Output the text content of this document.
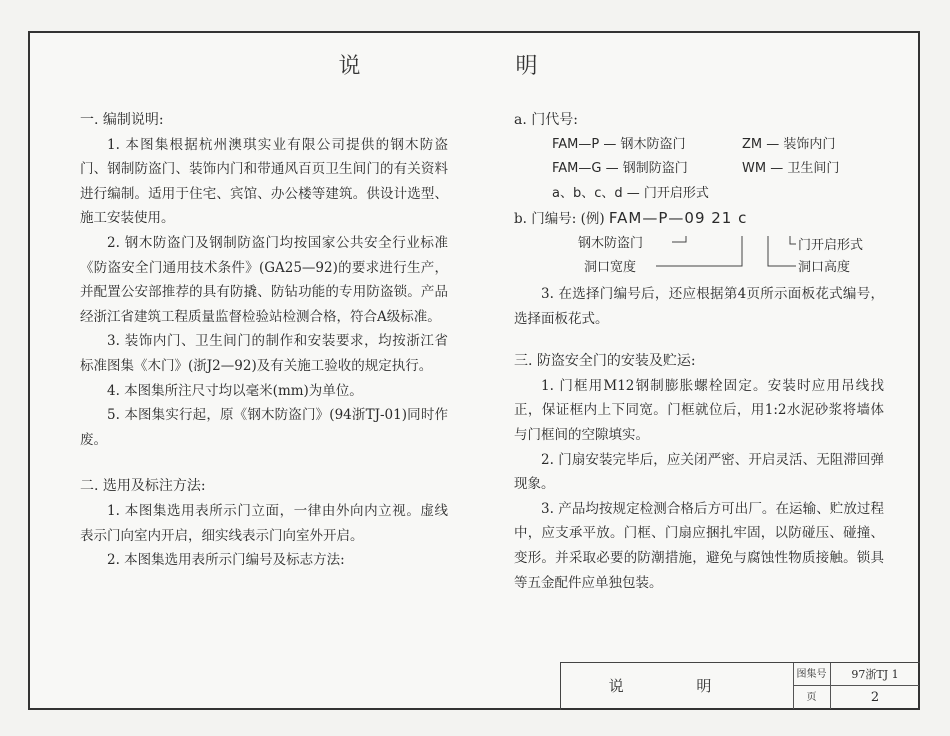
说 明

一. 编制说明:

1. 本图集根据杭州澳琪实业有限公司提供的钢木防盗门、钢制防盗门、装饰内门和带通风百页卫生间门的有关资料进行编制。适用于住宅、宾馆、办公楼等建筑。供设计选型、施工安装使用。

2. 钢木防盗门及钢制防盗门均按国家公共安全行业标准《防盗安全门通用技术条件》(GA25—92)的要求进行生产，并配置公安部推荐的具有防撬、防钻功能的专用防盗锁。产品经浙江省建筑工程质量监督检验站检测合格，符合A级标准。

3. 装饰内门、卫生间门的制作和安装要求，均按浙江省标准图集《木门》(浙J2—92)及有关施工验收的规定执行。

4. 本图集所注尺寸均以毫米(mm)为单位。

5. 本图集实行起，原《钢木防盗门》(94浙TJ-01)同时作废。

二. 选用及标注方法:

1. 本图集选用表所示门立面，一律由外向内立视。虚线表示门向室内开启，细实线表示门向室外开启。

2. 本图集选用表所示门编号及标志方法:

a. 门代号:

FAM—P — 钢木防盗门	ZM — 装饰内门
FAM—G — 钢制防盗门	WM — 卫生间门

a、b、c、d — 门开启形式

b. 门编号: (例) FAM—P—09 21 c

钢木防盗门
洞口宽度
门开启形式
洞口高度

3. 在选择门编号后，还应根据第4页所示面板花式编号，选择面板花式。

三. 防盗安全门的安装及贮运:

1. 门框用M12钢制膨胀螺栓固定。安装时应用吊线找正，保证框内上下同宽。门框就位后，用1:2水泥砂浆将墙体与门框间的空隙填实。

2. 门扇安装完毕后，应关闭严密、开启灵活、无阻滞回弹现象。

3. 产品均按规定检测合格后方可出厂。在运输、贮放过程中，应支承平放。门框、门扇应捆扎牢固，以防碰压、碰撞、变形。并采取必要的防潮措施，避免与腐蚀性物质接触。锁具等五金配件应单独包装。

说 明
图集号	97浙TJ 1
页	2
